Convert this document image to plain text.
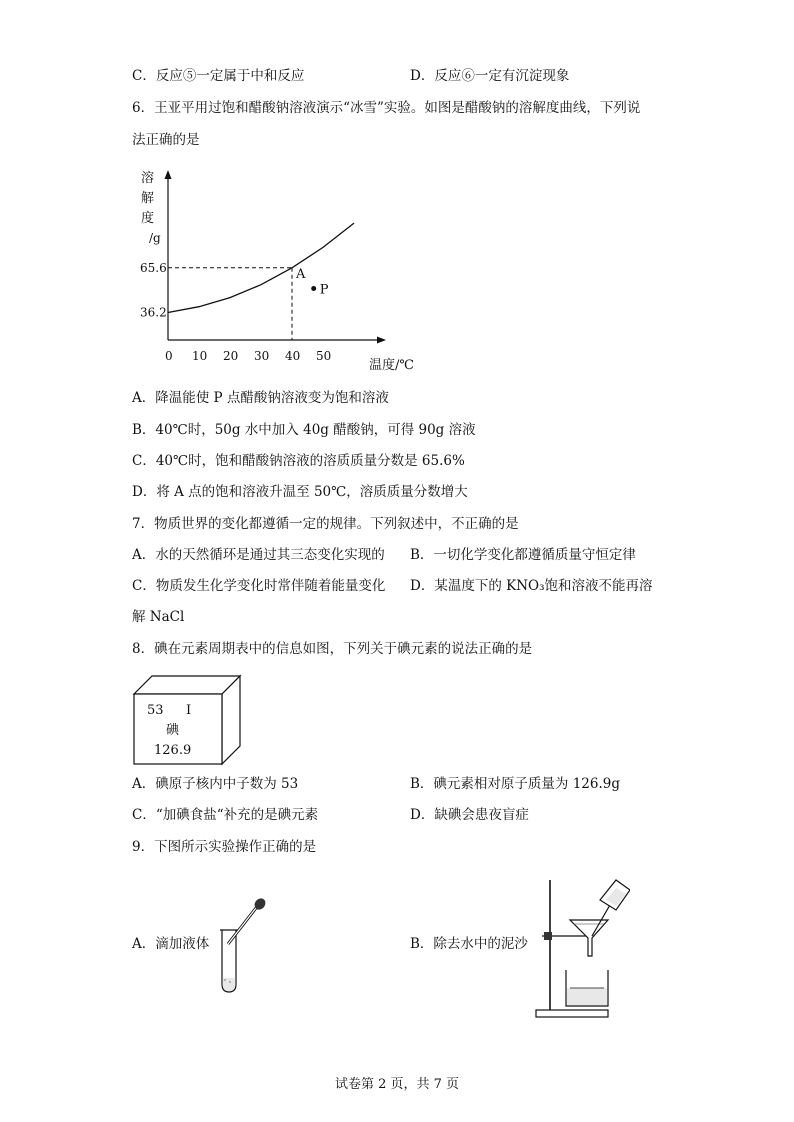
C．反应⑤一定属于中和反应	D．反应⑥一定有沉淀现象
6．王亚平用过饱和醋酸钠溶液演示“冰雪”实验。如图是醋酸钠的溶解度曲线，下列说
法正确的是
溶
解
度
/g
温度/℃
0 10 20 30 40 50
36.2
65.6	A
P
A．降温能使 P 点醋酸钠溶液变为饱和溶液
B．40℃时，50g 水中加入 40g 醋酸钠，可得 90g 溶液
C．40℃时，饱和醋酸钠溶液的溶质质量分数是 65.6%
D．将 A 点的饱和溶液升温至 50℃，溶质质量分数增大
7．物质世界的变化都遵循一定的规律。下列叙述中，不正确的是
A．水的天然循环是通过其三态变化实现的 B．一切化学变化都遵循质量守恒定律
C．物质发生化学变化时常伴随着能量变化 D．某温度下的 KNO₃饱和溶液不能再溶
解 NaCl
8．碘在元素周期表中的信息如图，下列关于碘元素的说法正确的是
53 I
碘
126.9
A．碘原子核内中子数为 53	B．碘元素相对原子质量为 126.9g
C．“加碘食盐“补充的是碘元素	D．缺碘会患夜盲症
9．下图所示实验操作正确的是
A．滴加液体	B．除去水中的泥沙
试卷第 2 页，共 7 页
